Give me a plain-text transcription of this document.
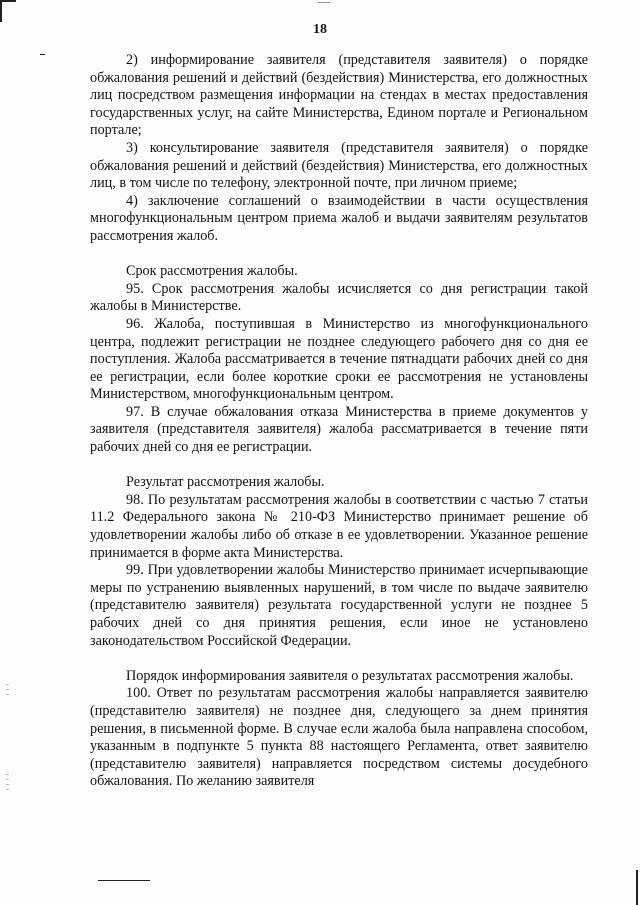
18

2) информирование заявителя (представителя заявителя) о порядке обжалования решений и действий (бездействия) Министерства, его должностных лиц посредством размещения информации на стендах в местах предоставления государственных услуг, на сайте Министерства, Едином портале и Региональном портале;

3) консультирование заявителя (представителя заявителя) о порядке обжалования решений и действий (бездействия) Министерства, его должностных лиц, в том числе по телефону, электронной почте, при личном приеме;

4) заключение соглашений о взаимодействии в части осуществления многофункциональным центром приема жалоб и выдачи заявителям результатов рассмотрения жалоб.

Срок рассмотрения жалобы.

95. Срок рассмотрения жалобы исчисляется со дня регистрации такой жалобы в Министерстве.

96. Жалоба, поступившая в Министерство из многофункционального центра, подлежит регистрации не позднее следующего рабочего дня со дня ее поступления. Жалоба рассматривается в течение пятнадцати рабочих дней со дня ее регистрации, если более короткие сроки ее рассмотрения не установлены Министерством, многофункциональным центром.

97. В случае обжалования отказа Министерства в приеме документов у заявителя (представителя заявителя) жалоба рассматривается в течение пяти рабочих дней со дня ее регистрации.

Результат рассмотрения жалобы.

98. По результатам рассмотрения жалобы в соответствии с частью 7 статьи 11.2 Федерального закона № 210-ФЗ Министерство принимает решение об удовлетворении жалобы либо об отказе в ее удовлетворении. Указанное решение принимается в форме акта Министерства.

99. При удовлетворении жалобы Министерство принимает исчерпывающие меры по устранению выявленных нарушений, в том числе по выдаче заявителю (представителю заявителя) результата государственной услуги не позднее 5 рабочих дней со дня принятия решения, если иное не установлено законодательством Российской Федерации.

Порядок информирования заявителя о результатах рассмотрения жалобы.

100. Ответ по результатам рассмотрения жалобы направляется заявителю (представителю заявителя) не позднее дня, следующего за днем принятия решения, в письменной форме. В случае если жалоба была направлена способом, указанным в подпункте 5 пункта 88 настоящего Регламента, ответ заявителю (представителю заявителя) направляется посредством системы досудебного обжалования. По желанию заявителя
